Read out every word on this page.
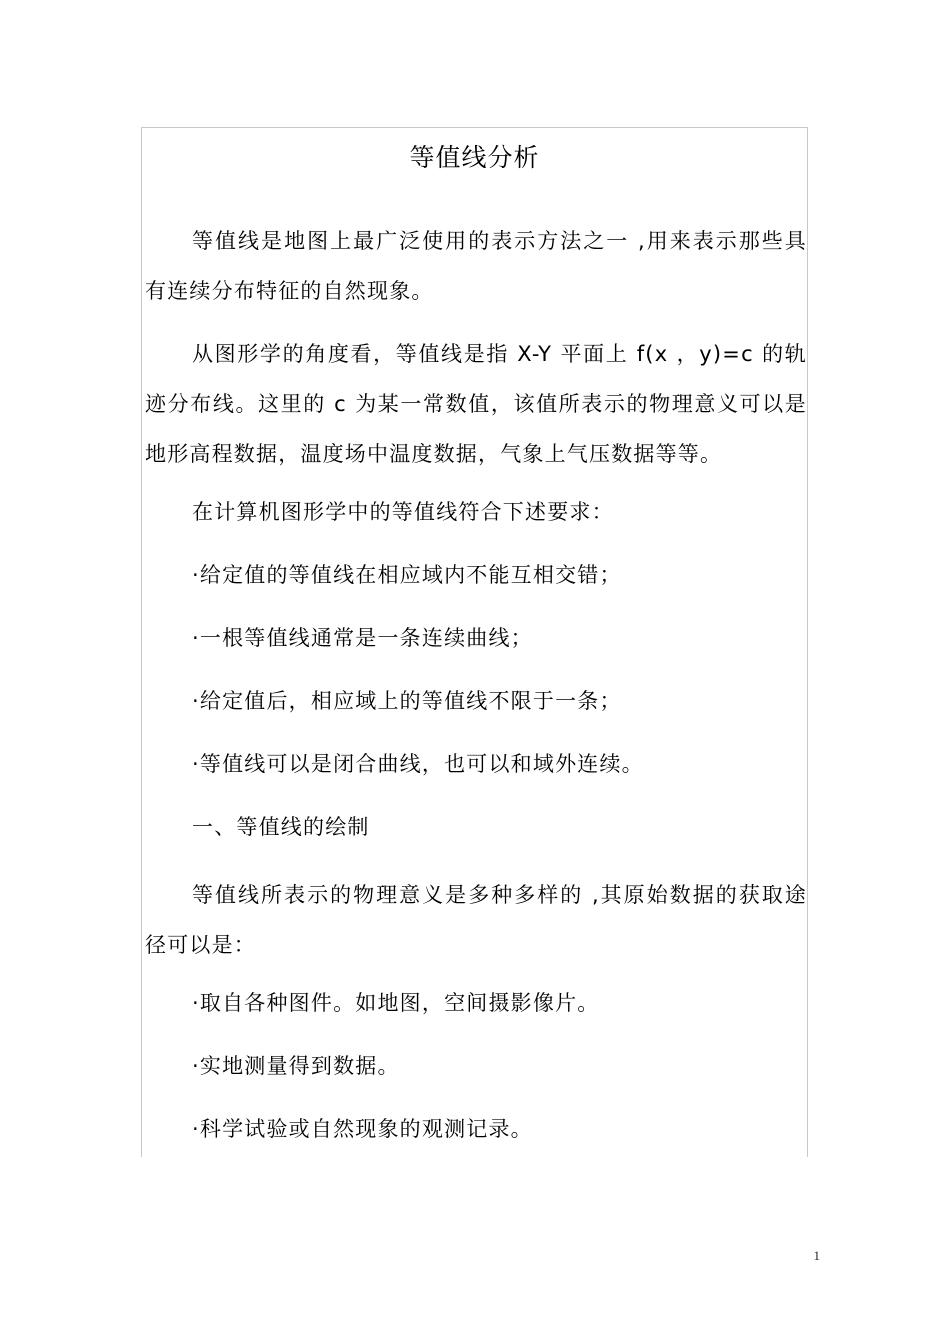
等值线分析

等值线是地图上最广泛使用的表示方法之一 ,用来表示那些具有连续分布特征的自然现象。

从图形学的角度看，等值线是指 X-Y 平面上 f(x ，y)=c 的轨迹分布线。这里的 c 为某一常数值，该值所表示的物理意义可以是地形高程数据，温度场中温度数据，气象上气压数据等等。

在计算机图形学中的等值线符合下述要求：

·给定值的等值线在相应域内不能互相交错；

·一根等值线通常是一条连续曲线；

·给定值后，相应域上的等值线不限于一条；

·等值线可以是闭合曲线，也可以和域外连续。

一、等值线的绘制

等值线所表示的物理意义是多种多样的 ,其原始数据的获取途径可以是：

·取自各种图件。如地图，空间摄影像片。

·实地测量得到数据。

·科学试验或自然现象的观测记录。

1
